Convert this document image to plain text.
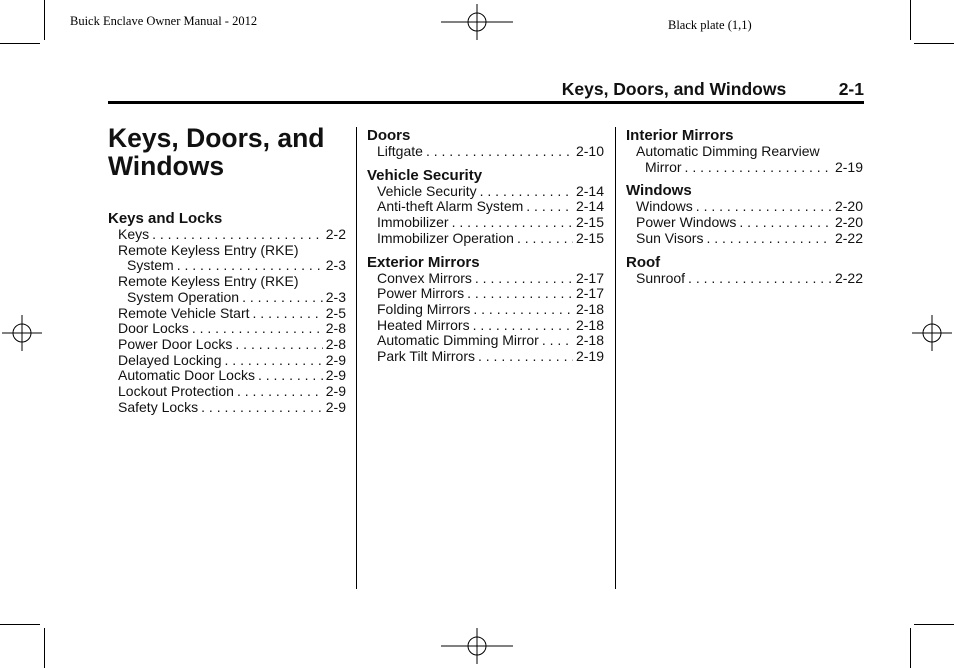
Buick Enclave Owner Manual - 2012	Black plate (1,1)
Keys, Doors, and Windows   2-1
Keys, Doors, and
Windows
Keys and Locks
Keys . . .	2-2
Remote Keyless Entry (RKE)
System . . .	2-3
Remote Keyless Entry (RKE)
System Operation . . .	2-3
Remote Vehicle Start . . .	2-5
Door Locks . . .	2-8
Power Door Locks . . .	2-8
Delayed Locking . . .	2-9
Automatic Door Locks . . .	2-9
Lockout Protection . . .	2-9
Safety Locks . . .	2-9
Doors
Liftgate . . .	2-10
Vehicle Security
Vehicle Security . . .	2-14
Anti-theft Alarm System . . .	2-14
Immobilizer . . .	2-15
Immobilizer Operation . . .	2-15
Exterior Mirrors
Convex Mirrors . . .	2-17
Power Mirrors . . .	2-17
Folding Mirrors . . .	2-18
Heated Mirrors . . .	2-18
Automatic Dimming Mirror . . .	2-18
Park Tilt Mirrors . . .	2-19
Interior Mirrors
Automatic Dimming Rearview
Mirror . . .	2-19
Windows
Windows . . .	2-20
Power Windows . . .	2-20
Sun Visors . . .	2-22
Roof
Sunroof . . .	2-22
